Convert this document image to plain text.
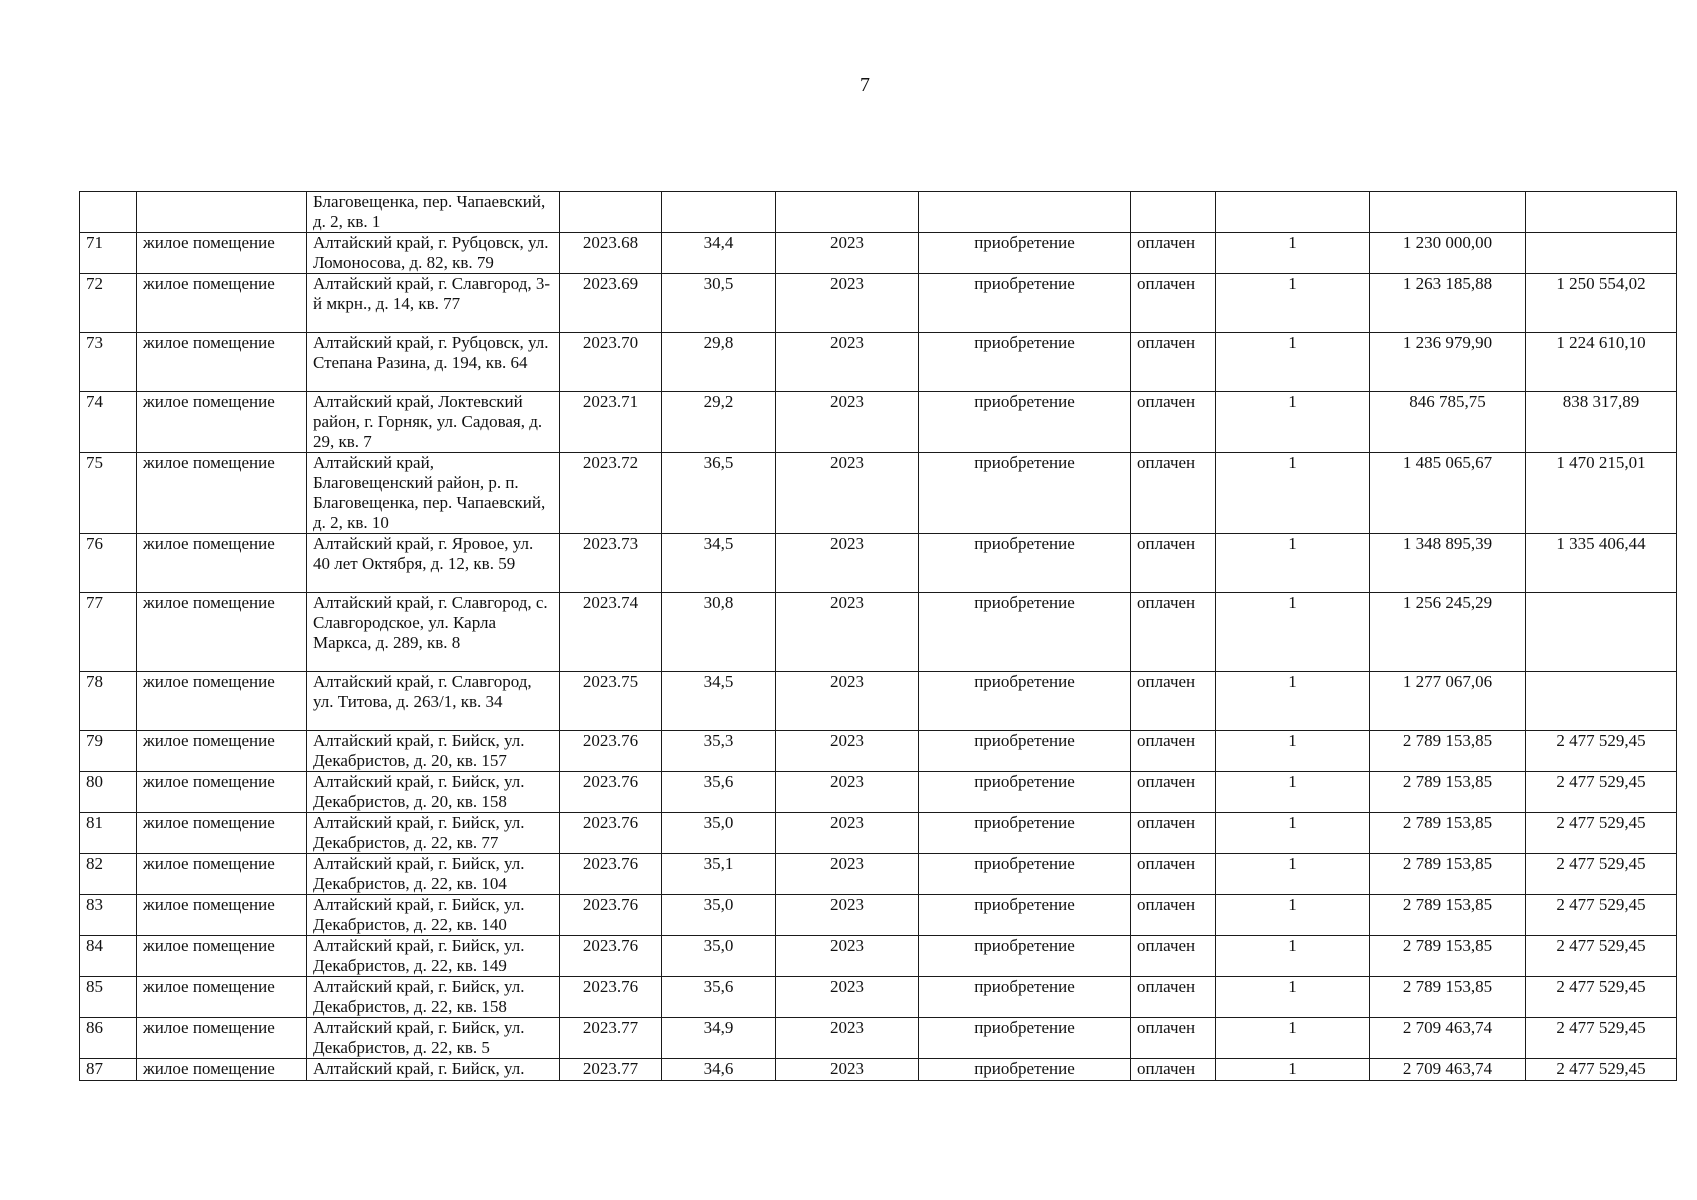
7
		Благовещенка, пер. Чапаевский, д. 2, кв. 1								
71	жилое помещение	Алтайский край, г. Рубцовск, ул. Ломоносова, д. 82, кв. 79	2023.68	34,4	2023	приобретение	оплачен	1	1 230 000,00	
72	жилое помещение	Алтайский край, г. Славгород, 3-й мкрн., д. 14, кв. 77	2023.69	30,5	2023	приобретение	оплачен	1	1 263 185,88	1 250 554,02
73	жилое помещение	Алтайский край, г. Рубцовск, ул. Степана Разина, д. 194, кв. 64	2023.70	29,8	2023	приобретение	оплачен	1	1 236 979,90	1 224 610,10
74	жилое помещение	Алтайский край, Локтевский район, г. Горняк, ул. Садовая, д. 29, кв. 7	2023.71	29,2	2023	приобретение	оплачен	1	846 785,75	838 317,89
75	жилое помещение	Алтайский край, Благовещенский район, р. п. Благовещенка, пер. Чапаевский, д. 2, кв. 10	2023.72	36,5	2023	приобретение	оплачен	1	1 485 065,67	1 470 215,01
76	жилое помещение	Алтайский край, г. Яровое, ул. 40 лет Октября, д. 12, кв. 59	2023.73	34,5	2023	приобретение	оплачен	1	1 348 895,39	1 335 406,44
77	жилое помещение	Алтайский край, г. Славгород, с. Славгородское, ул. Карла Маркса, д. 289, кв. 8	2023.74	30,8	2023	приобретение	оплачен	1	1 256 245,29	
78	жилое помещение	Алтайский край, г. Славгород, ул. Титова, д. 263/1, кв. 34	2023.75	34,5	2023	приобретение	оплачен	1	1 277 067,06	
79	жилое помещение	Алтайский край, г. Бийск, ул. Декабристов, д. 20, кв. 157	2023.76	35,3	2023	приобретение	оплачен	1	2 789 153,85	2 477 529,45
80	жилое помещение	Алтайский край, г. Бийск, ул. Декабристов, д. 20, кв. 158	2023.76	35,6	2023	приобретение	оплачен	1	2 789 153,85	2 477 529,45
81	жилое помещение	Алтайский край, г. Бийск, ул. Декабристов, д. 22, кв. 77	2023.76	35,0	2023	приобретение	оплачен	1	2 789 153,85	2 477 529,45
82	жилое помещение	Алтайский край, г. Бийск, ул. Декабристов, д. 22, кв. 104	2023.76	35,1	2023	приобретение	оплачен	1	2 789 153,85	2 477 529,45
83	жилое помещение	Алтайский край, г. Бийск, ул. Декабристов, д. 22, кв. 140	2023.76	35,0	2023	приобретение	оплачен	1	2 789 153,85	2 477 529,45
84	жилое помещение	Алтайский край, г. Бийск, ул. Декабристов, д. 22, кв. 149	2023.76	35,0	2023	приобретение	оплачен	1	2 789 153,85	2 477 529,45
85	жилое помещение	Алтайский край, г. Бийск, ул. Декабристов, д. 22, кв. 158	2023.76	35,6	2023	приобретение	оплачен	1	2 789 153,85	2 477 529,45
86	жилое помещение	Алтайский край, г. Бийск, ул. Декабристов, д. 22, кв. 5	2023.77	34,9	2023	приобретение	оплачен	1	2 709 463,74	2 477 529,45
87	жилое помещение	Алтайский край, г. Бийск, ул.	2023.77	34,6	2023	приобретение	оплачен	1	2 709 463,74	2 477 529,45
